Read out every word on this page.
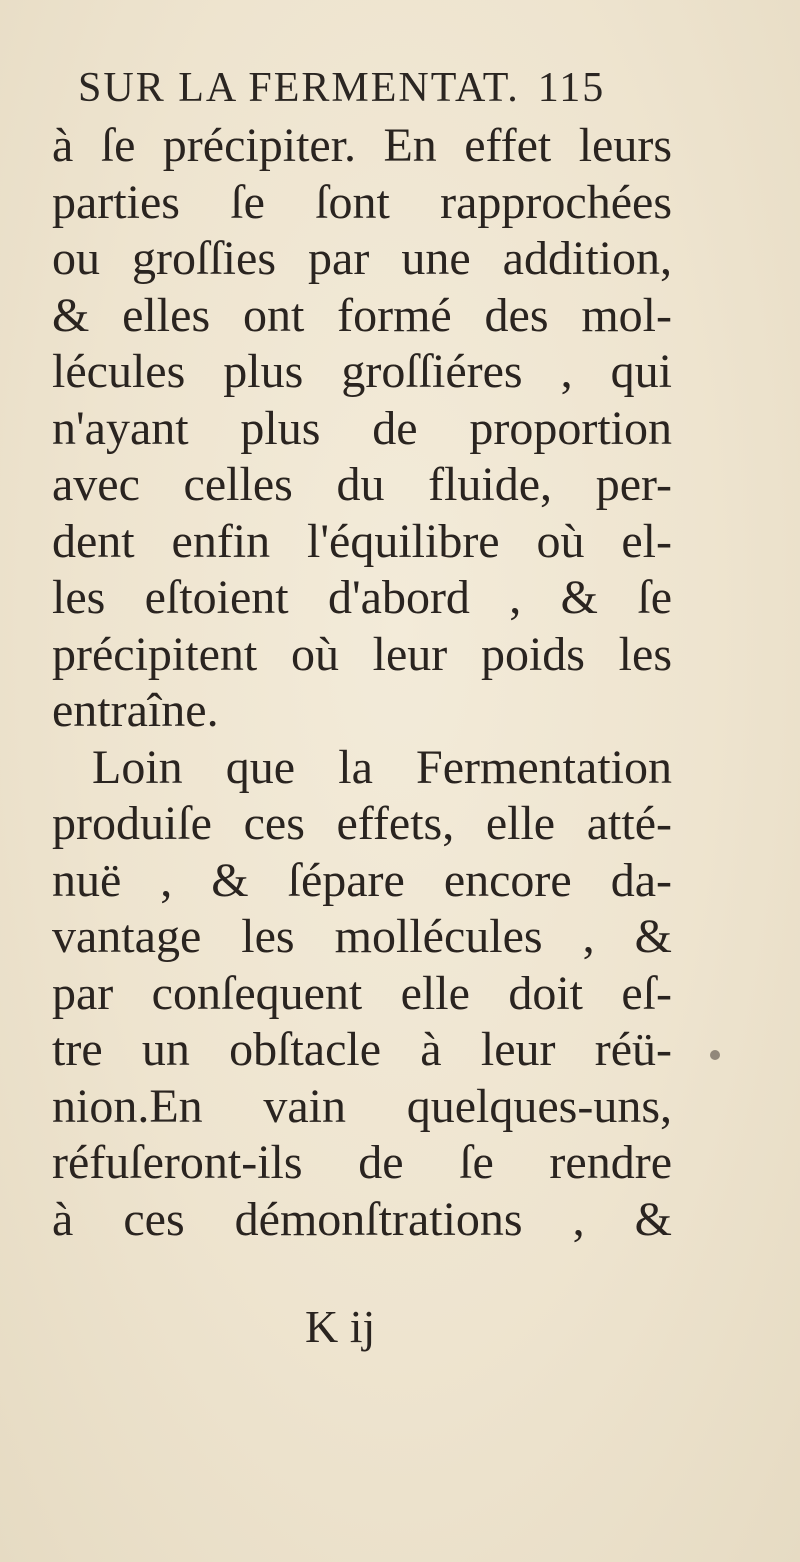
SUR LA FERMENTAT. 115
à ſe précipiter. En effet leurs
parties ſe ſont rapprochées
ou groſſies par une addition,
& elles ont formé des mol-
lécules plus groſſiéres , qui
n'ayant plus de proportion
avec celles du fluide, per-
dent enfin l'équilibre où el-
les eſtoient d'abord , & ſe
précipitent où leur poids les
entraîne.
Loin que la Fermentation
produiſe ces effets, elle atté-
nuë , & ſépare encore da-
vantage les mollécules , &
par conſequent elle doit eſ-
tre un obſtacle à leur réü-
nion.En vain quelques-uns,
réfuſeront-ils de ſe rendre
à ces démonſtrations , &
K ij
